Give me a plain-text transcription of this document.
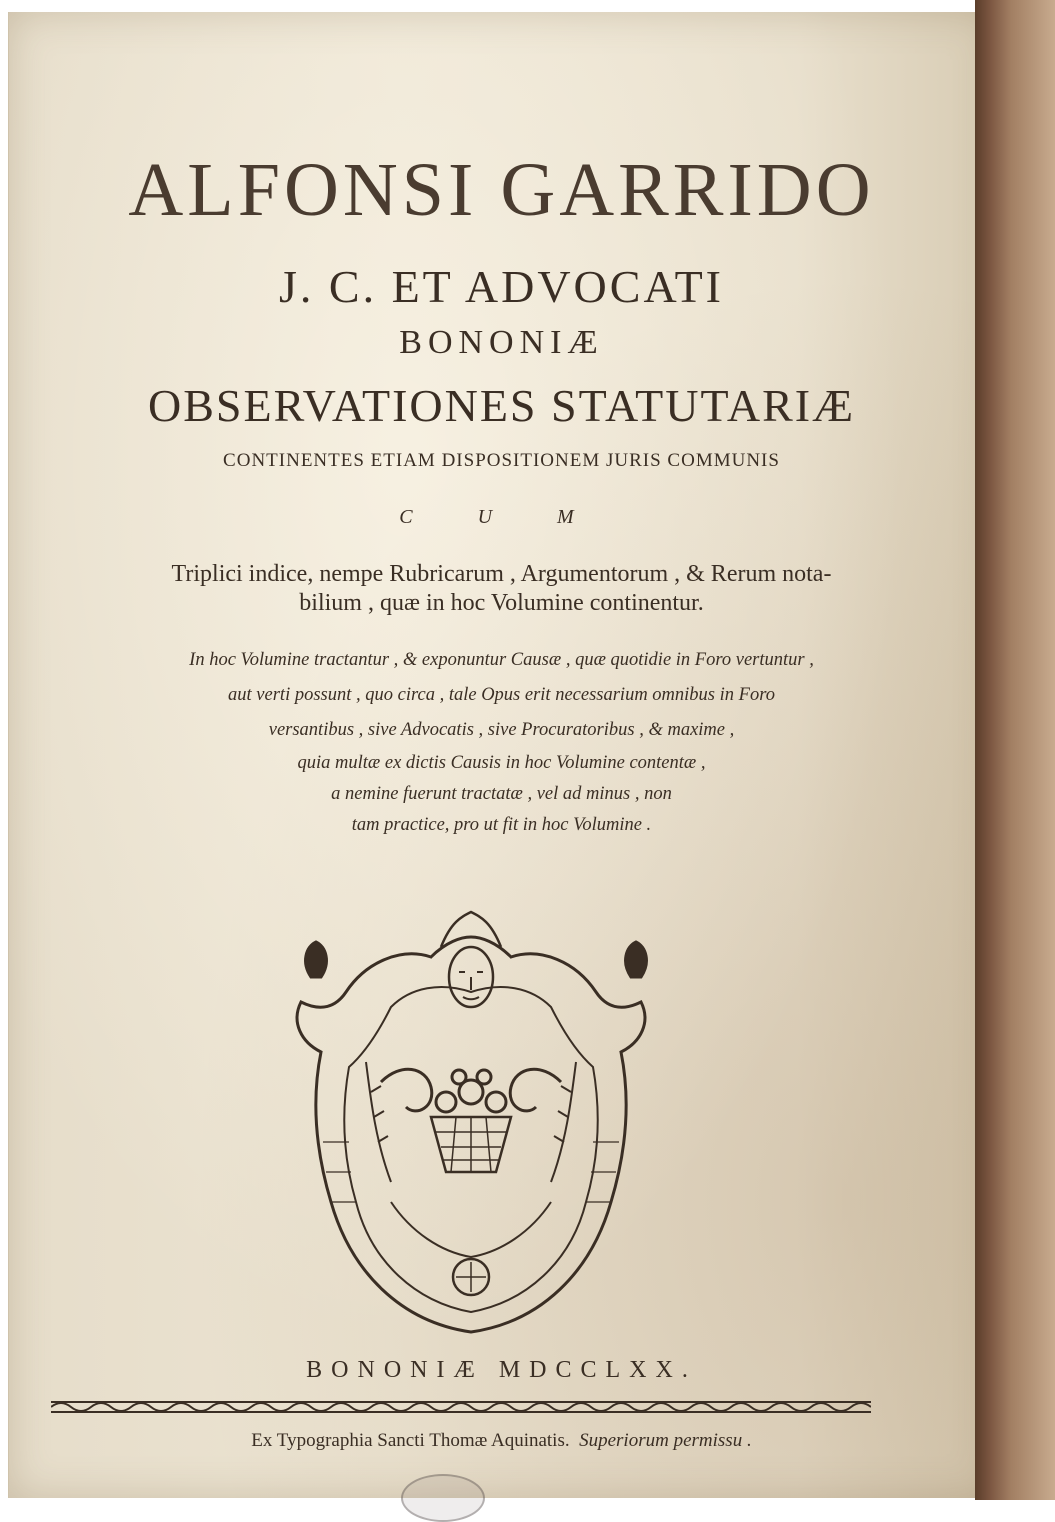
ALFONSI GARRIDO
J. C. ET ADVOCATI
BONONIÆ
OBSERVATIONES STATUTARIÆ
CONTINENTES ETIAM DISPOSITIONEM JURIS COMMUNIS
C U M
Triplici indice, nempe Rubricarum , Argumentorum , & Rerum nota-
bilium , quæ in hoc Volumine continentur.
In hoc Volumine tractantur , & exponuntur Causæ , quæ quotidie in Foro vertuntur ,
aut verti possunt , quo circa , tale Opus erit necessarium omnibus in Foro
versantibus , sive Advocatis , sive Procuratoribus , & maxime ,
quia multæ ex dictis Causis in hoc Volumine contentæ ,
a nemine fuerunt tractatæ , vel ad minus , non
tam practice, pro ut fit in hoc Volumine .
BONONIÆ MDCCLXX.
Ex Typographia Sancti Thomæ Aquinatis. Superiorum permissu .
